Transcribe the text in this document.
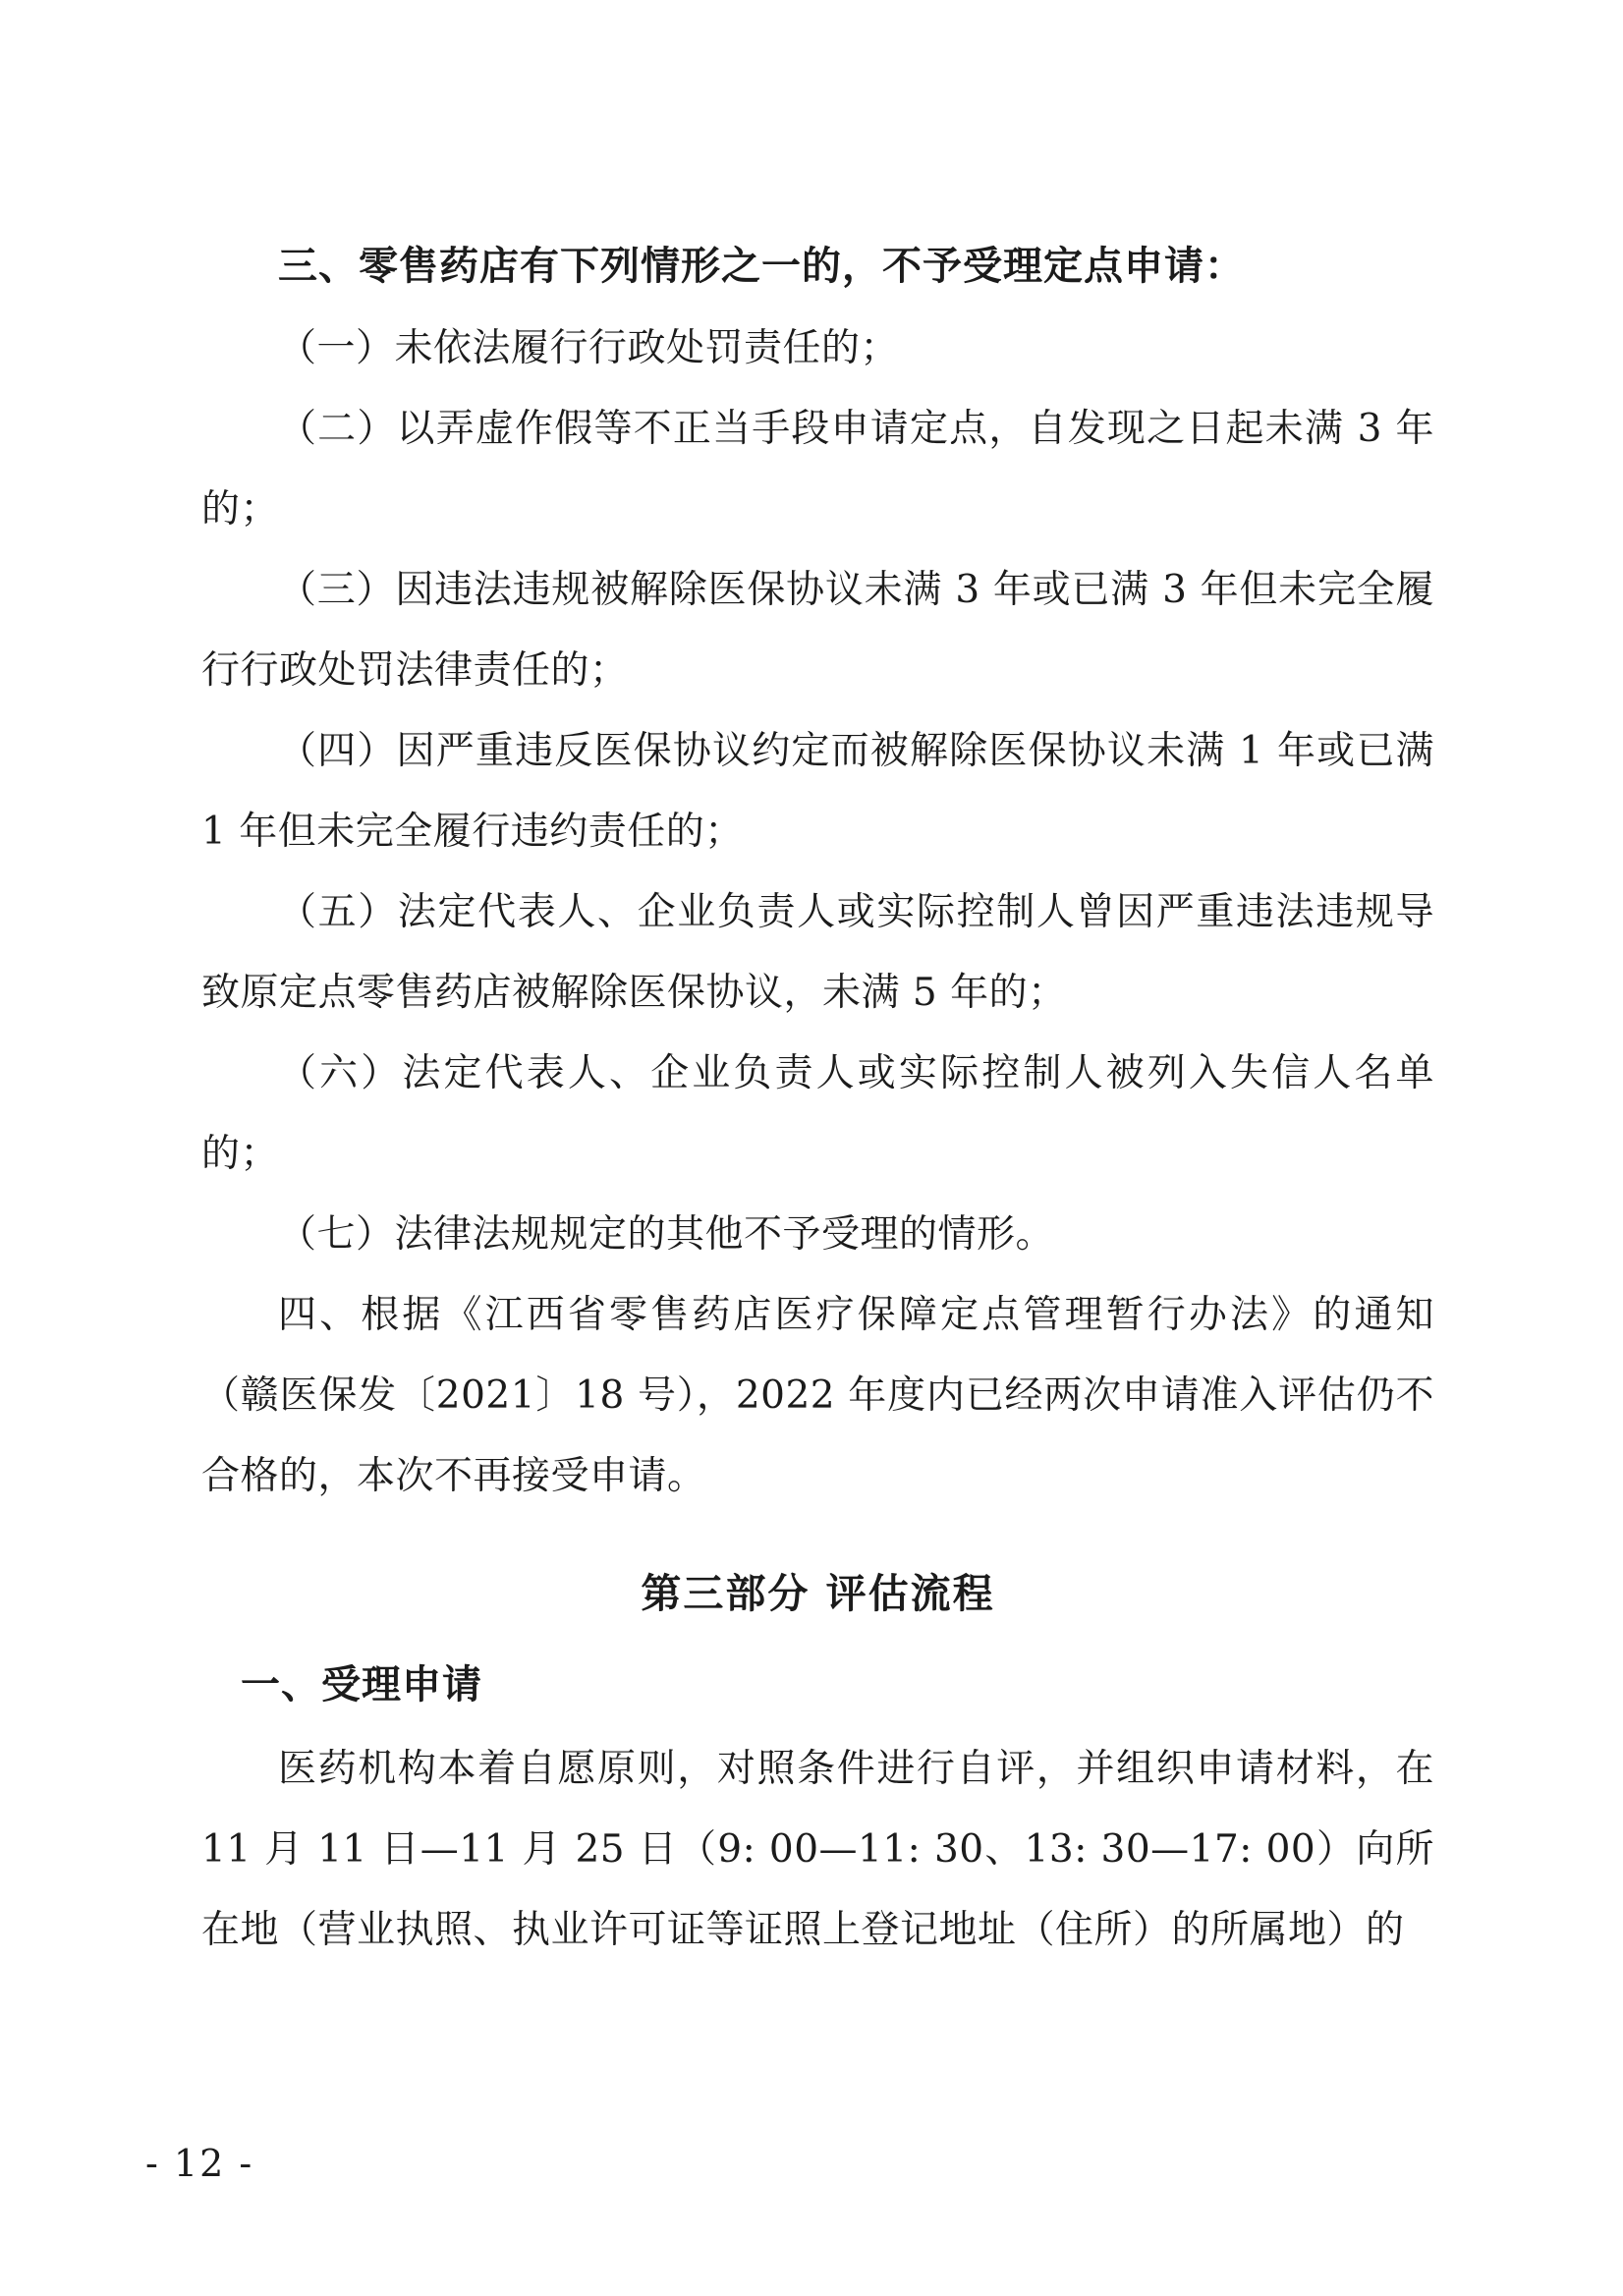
三、零售药店有下列情形之一的，不予受理定点申请：
（一）未依法履行行政处罚责任的；
（二）以弄虚作假等不正当手段申请定点，自发现之日起未满 3 年的；
（三）因违法违规被解除医保协议未满 3 年或已满 3 年但未完全履行行政处罚法律责任的；
（四）因严重违反医保协议约定而被解除医保协议未满 1 年或已满 1 年但未完全履行违约责任的；
（五）法定代表人、企业负责人或实际控制人曾因严重违法违规导致原定点零售药店被解除医保协议，未满 5 年的；
（六）法定代表人、企业负责人或实际控制人被列入失信人名单的；
（七）法律法规规定的其他不予受理的情形。
四、根据《江西省零售药店医疗保障定点管理暂行办法》的通知（赣医保发〔2021〕18 号），2022 年度内已经两次申请准入评估仍不合格的，本次不再接受申请。
第三部分 评估流程
一、受理申请
医药机构本着自愿原则，对照条件进行自评，并组织申请材料，在 11 月 11 日—11 月 25 日（9: 00—11: 30、13: 30—17: 00）向所在地（营业执照、执业许可证等证照上登记地址（住所）的所属地）的
- 12 -
